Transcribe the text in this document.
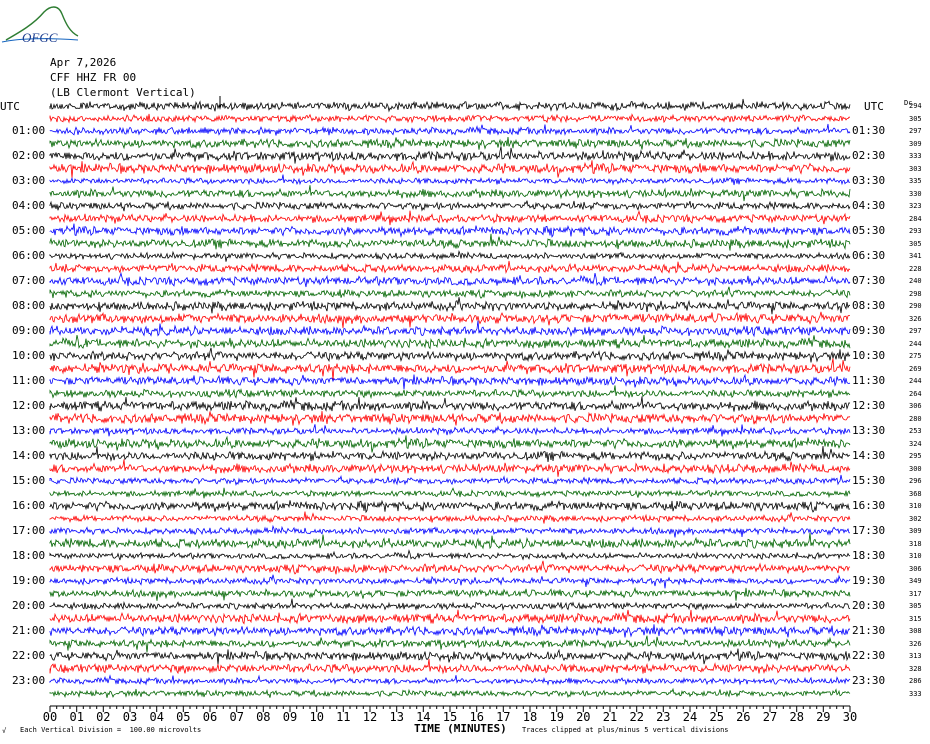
OFGC
Apr 7,2026
CFF HHZ FR 00
(LB Clermont Vertical)
00 01 02 03 04 05 06 07 08 09 10 11 12 13 14 15 16 17 18 19 20 21 22 23 24 25 26 27 28 29 30
UTC	UTC	Dc
01:00
02:00
03:00
04:00
05:00
06:00
07:00
08:00
09:00
10:00
11:00
12:00
13:00
14:00
15:00
16:00
17:00
18:00
19:00
20:00
21:00
22:00
23:00
01:30
02:30
03:30
04:30
05:30
06:30
07:30
08:30
09:30
10:30
11:30
12:30
13:30
14:30
15:30
16:30
17:30
18:30
19:30
20:30
21:30
22:30
23:30
294
305
297
309
333
303
335
330
323
284
293
305
341
228
240
298
290
326
297
244
275
269
244
264
306
280
253
324
295
300
296
368
310
302
309
318
310
306
349
317
305
315
308
326
313
328
286
333
√ Each Vertical Division =  100.00 microvolts	TIME (MINUTES) Traces clipped at plus/minus 5 vertical divisions
